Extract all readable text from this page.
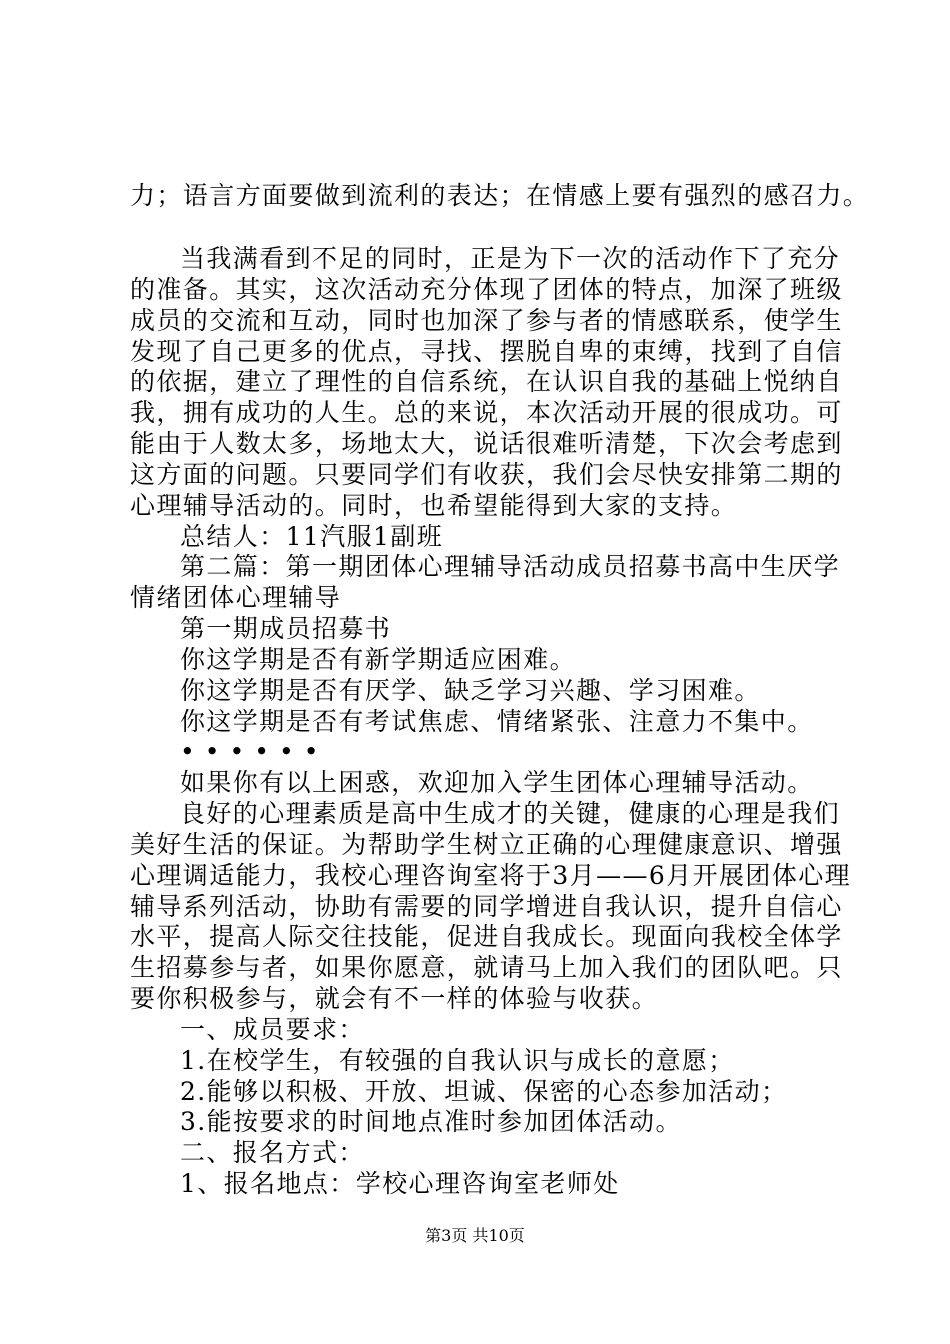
力；语言方面要做到流利的表达；在情感上要有强烈的感召力。
当我满看到不足的同时，正是为下一次的活动作下了充分
的准备。其实，这次活动充分体现了团体的特点，加深了班级
成员的交流和互动，同时也加深了参与者的情感联系，使学生
发现了自己更多的优点，寻找、摆脱自卑的束缚，找到了自信
的依据，建立了理性的自信系统，在认识自我的基础上悦纳自
我，拥有成功的人生。总的来说，本次活动开展的很成功。可
能由于人数太多，场地太大，说话很难听清楚，下次会考虑到
这方面的问题。只要同学们有收获，我们会尽快安排第二期的
心理辅导活动的。同时，也希望能得到大家的支持。
总结人：11汽服1副班
第二篇：第一期团体心理辅导活动成员招募书高中生厌学
情绪团体心理辅导
第一期成员招募书
你这学期是否有新学期适应困难。
你这学期是否有厌学、缺乏学习兴趣、学习困难。
你这学期是否有考试焦虑、情绪紧张、注意力不集中。
••••••
如果你有以上困惑，欢迎加入学生团体心理辅导活动。
良好的心理素质是高中生成才的关键，健康的心理是我们
美好生活的保证。为帮助学生树立正确的心理健康意识、增强
心理调适能力，我校心理咨询室将于3月——6月开展团体心理
辅导系列活动，协助有需要的同学增进自我认识，提升自信心
水平，提高人际交往技能，促进自我成长。现面向我校全体学
生招募参与者，如果你愿意，就请马上加入我们的团队吧。只
要你积极参与，就会有不一样的体验与收获。
一、成员要求：
1.在校学生，有较强的自我认识与成长的意愿；
2.能够以积极、开放、坦诚、保密的心态参加活动；
3.能按要求的时间地点准时参加团体活动。
二、报名方式：
1、报名地点：学校心理咨询室老师处
第3页 共10页
